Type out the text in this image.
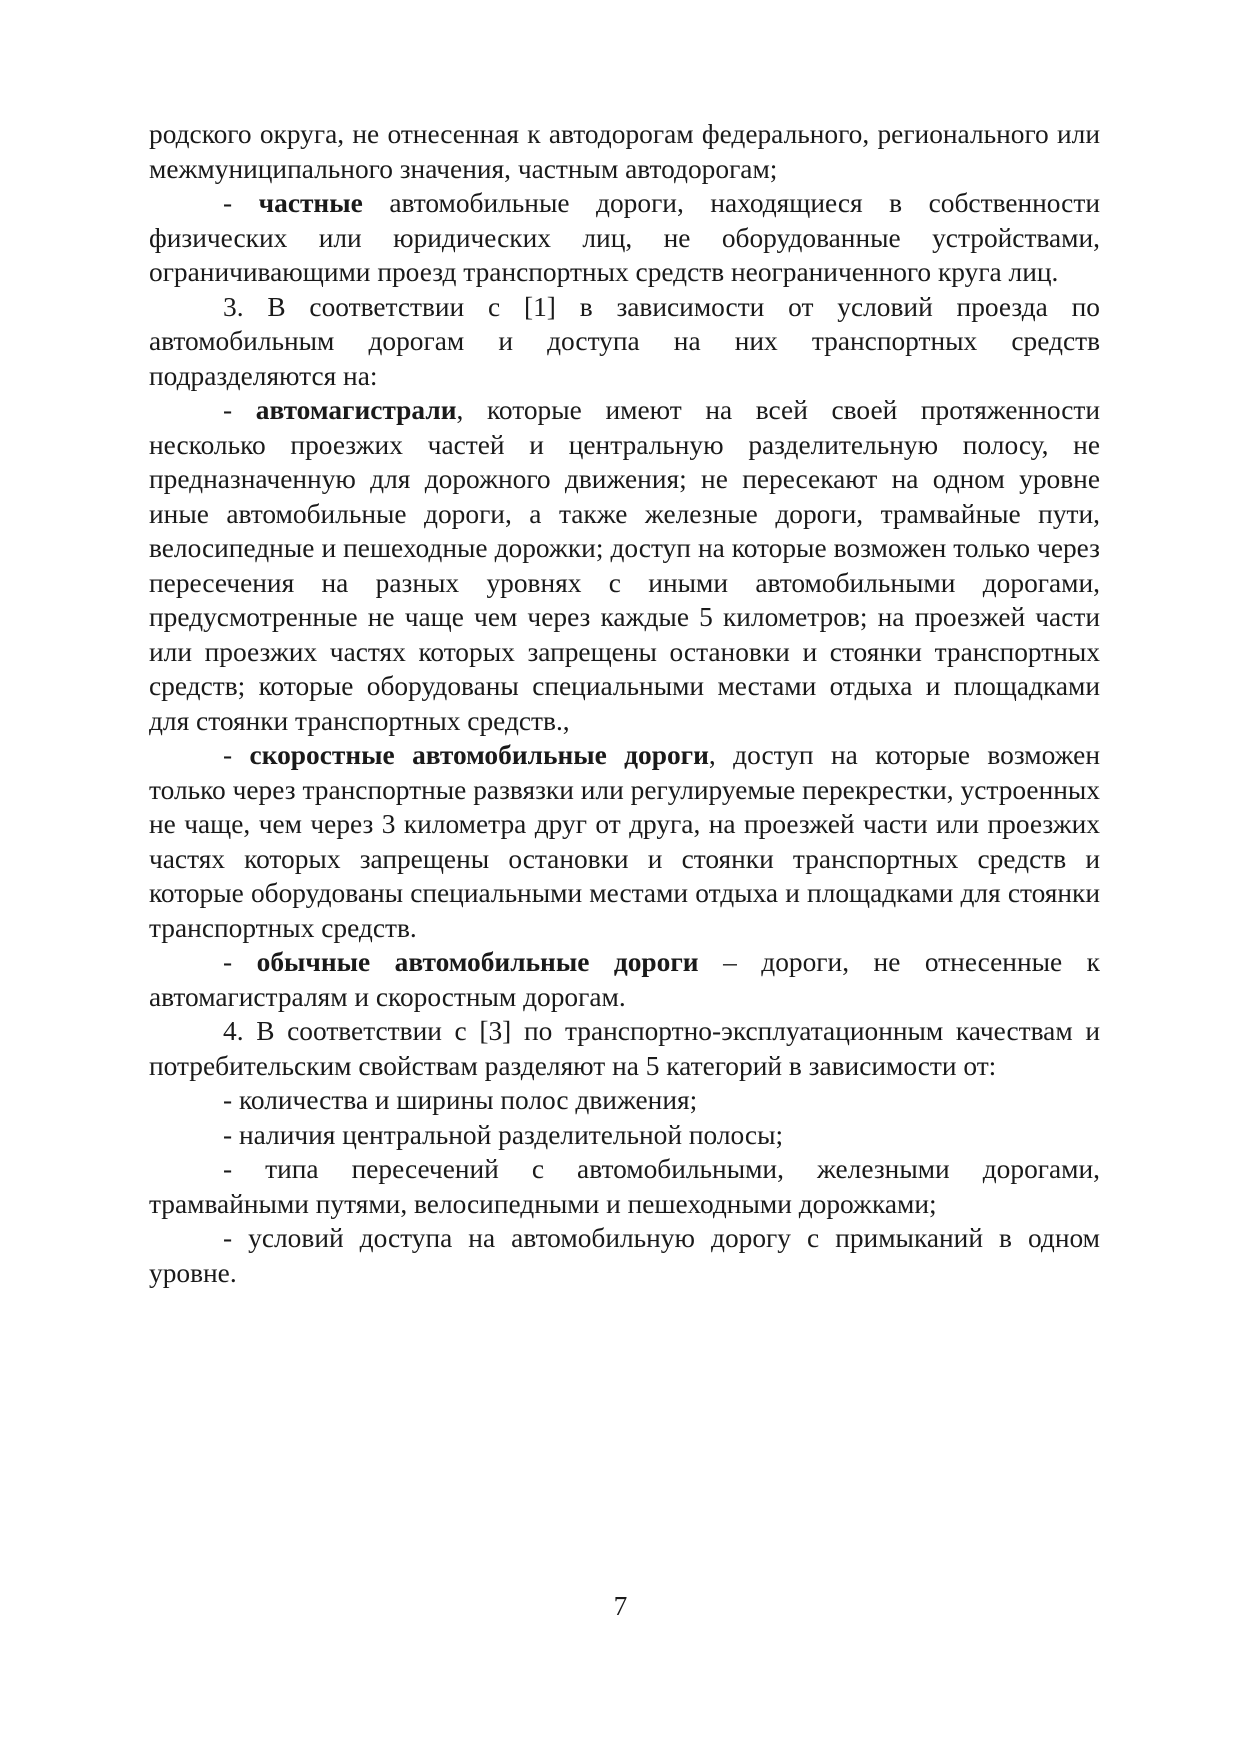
родского округа, не отнесенная к автодорогам федерального, регионального или межмуниципального значения, частным автодорогам;

- частные автомобильные дороги, находящиеся в собственности физических или юридических лиц, не оборудованные устройствами, ограничивающими проезд транспортных средств неограниченного круга лиц.

3. В соответствии с [1] в зависимости от условий проезда по автомобильным дорогам и доступа на них транспортных средств подразделяются на:

- автомагистрали, которые имеют на всей своей протяженности несколько проезжих частей и центральную разделительную полосу, не предназначенную для дорожного движения; не пересекают на одном уровне иные автомобильные дороги, а также железные дороги, трамвайные пути, велосипедные и пешеходные дорожки; доступ на которые возможен только через пересечения на разных уровнях с иными автомобильными дорогами, предусмотренные не чаще чем через каждые 5 километров; на проезжей части или проезжих частях которых запрещены остановки и стоянки транспортных средств; которые оборудованы специальными местами отдыха и площадками для стоянки транспортных средств.,

- скоростные автомобильные дороги, доступ на которые возможен только через транспортные развязки или регулируемые перекрестки, устроенных не чаще, чем через 3 километра друг от друга, на проезжей части или проезжих частях которых запрещены остановки и стоянки транспортных средств и которые оборудованы специальными местами отдыха и площадками для стоянки транспортных средств.

- обычные автомобильные дороги – дороги, не отнесенные к автомагистралям и скоростным дорогам.

4. В соответствии с [3] по транспортно-эксплуатационным качествам и потребительским свойствам разделяют на 5 категорий в зависимости от:

- количества и ширины полос движения;

- наличия центральной разделительной полосы;

- типа пересечений с автомобильными, железными дорогами, трамвайными путями, велосипедными и пешеходными дорожками;

- условий доступа на автомобильную дорогу с примыканий в одном уровне.

7
